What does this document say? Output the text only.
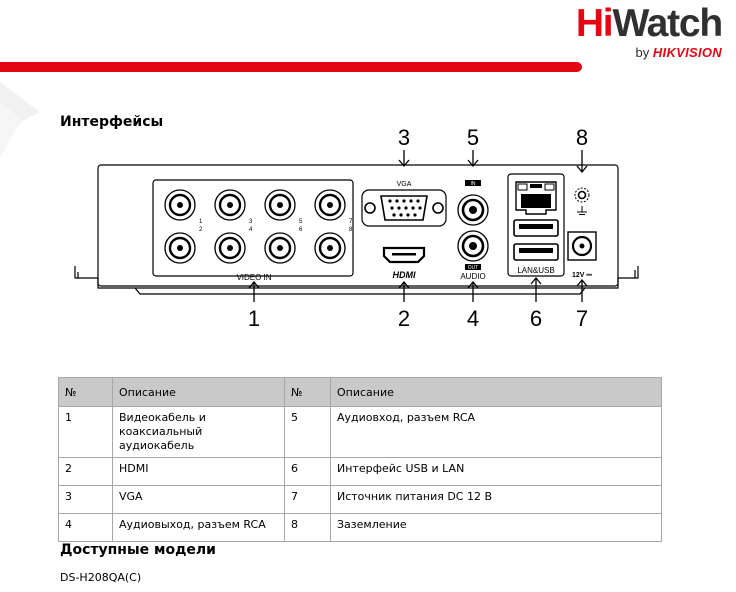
HiWatch
by HIKVISION
Интерфейсы
1
2
3
4
5
6
7
8
VIDEO IN
VGA
HDMI
IN
OUT
AUDIO
LAN&USB
12V ⎓
1	2
3
4
5
6 7
8
№	Описание	№	Описание
1	Видеокабель и коаксиальный аудиокабель	5	Аудиовход, разъем RCA
2	HDMI	6	Интерфейс USB и LAN
3	VGA	7	Источник питания DC 12 В
4	Аудиовыход, разъем RCA	8	Заземление
Доступные модели
DS-H208QA(C)
